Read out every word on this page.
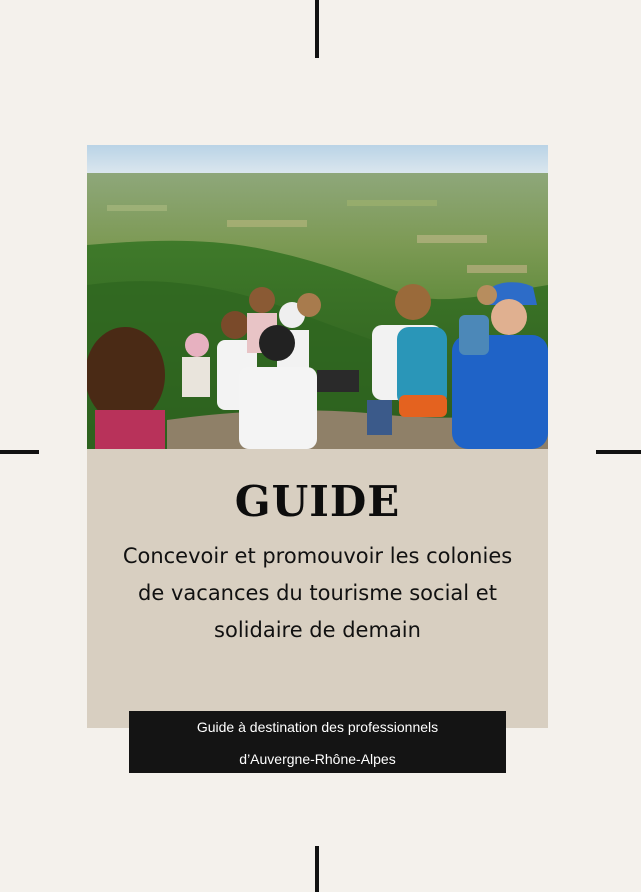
GUIDE

Concevoir et promouvoir les colonies de vacances du tourisme social et solidaire de demain

Guide à destination des professionnels
d’Auvergne-Rhône-Alpes
